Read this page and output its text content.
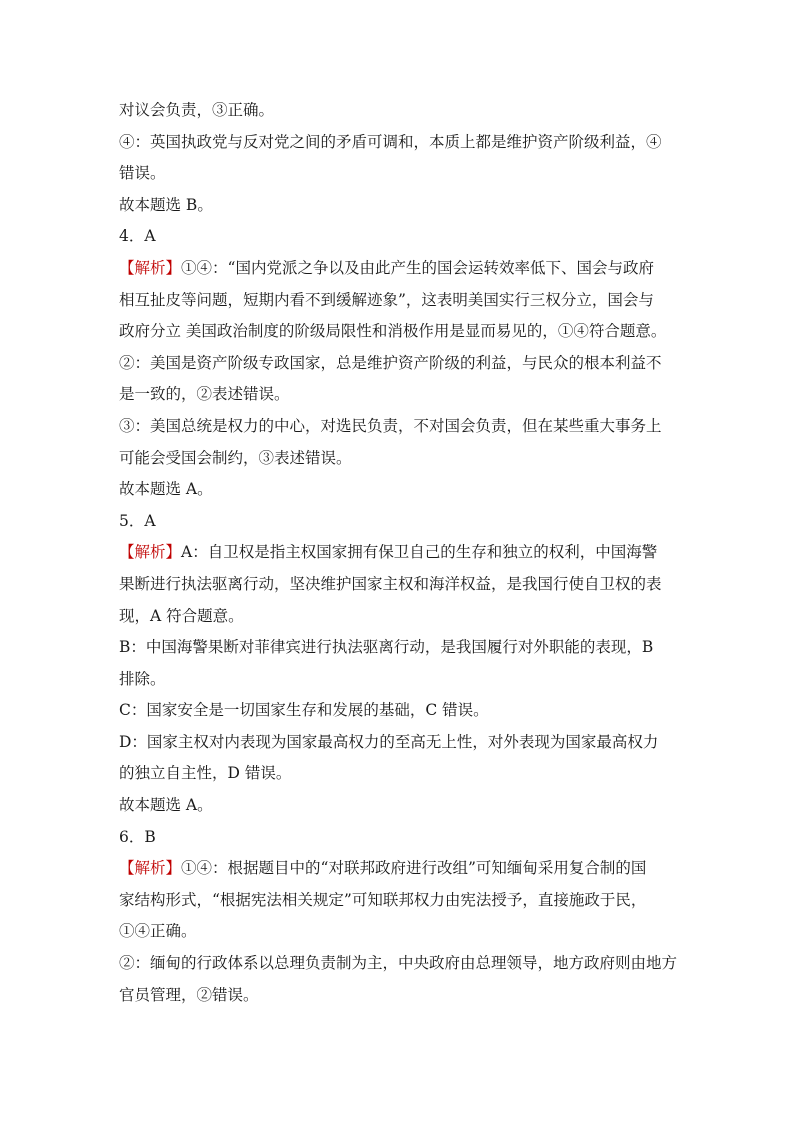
对议会负责，③正确。
④：英国执政党与反对党之间的矛盾可调和，本质上都是维护资产阶级利益，④
错误。
故本题选 B。
4．A
【解析】①④：“国内党派之争以及由此产生的国会运转效率低下、国会与政府
相互扯皮等问题，短期内看不到缓解迹象”，这表明美国实行三权分立，国会与
政府分立 美国政治制度的阶级局限性和消极作用是显而易见的，①④符合题意。
②：美国是资产阶级专政国家，总是维护资产阶级的利益，与民众的根本利益不
是一致的，②表述错误。
③：美国总统是权力的中心，对选民负责，不对国会负责，但在某些重大事务上
可能会受国会制约，③表述错误。
故本题选 A。
5．A
【解析】A：自卫权是指主权国家拥有保卫自己的生存和独立的权利，中国海警
果断进行执法驱离行动，坚决维护国家主权和海洋权益，是我国行使自卫权的表
现，A 符合题意。
B：中国海警果断对菲律宾进行执法驱离行动，是我国履行对外职能的表现，B
排除。
C：国家安全是一切国家生存和发展的基础，C 错误。
D：国家主权对内表现为国家最高权力的至高无上性，对外表现为国家最高权力
的独立自主性，D 错误。
故本题选 A。
6．B
【解析】①④：根据题目中的“对联邦政府进行改组”可知缅甸采用复合制的国
家结构形式，“根据宪法相关规定”可知联邦权力由宪法授予，直接施政于民，
①④正确。
②：缅甸的行政体系以总理负责制为主，中央政府由总理领导，地方政府则由地方
官员管理，②错误。
